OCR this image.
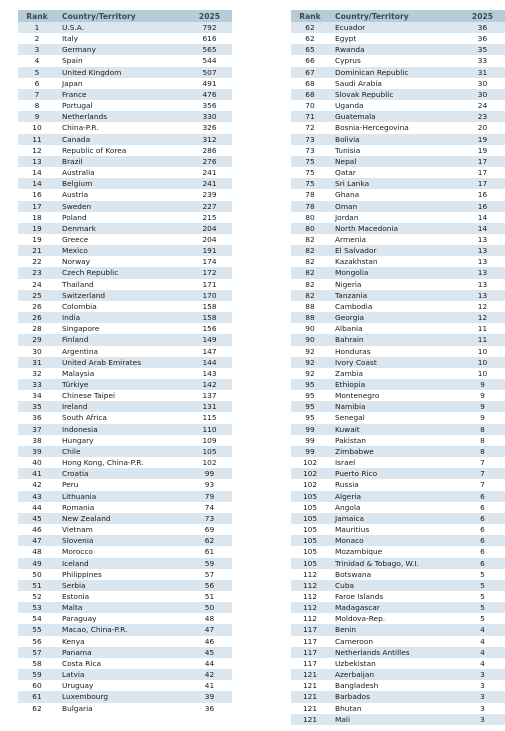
Rank	Country/Territory	2025
1	U.S.A.	792
2	Italy	616
3	Germany	565
4	Spain	544
5	United Kingdom	507
6	Japan	491
7	France	476
8	Portugal	356
9	Netherlands	330
10	China-P.R.	326
11	Canada	312
12	Republic of Korea	286
13	Brazil	276
14	Australia	241
14	Belgium	241
16	Austria	239
17	Sweden	227
18	Poland	215
19	Denmark	204
19	Greece	204
21	Mexico	191
22	Norway	174
23	Czech Republic	172
24	Thailand	171
25	Switzerland	170
26	Colombia	158
26	India	158
28	Singapore	156
29	Finland	149
30	Argentina	147
31	United Arab Emirates	144
32	Malaysia	143
33	Türkiye	142
34	Chinese Taipei	137
35	Ireland	131
36	South Africa	115
37	Indonesia	110
38	Hungary	109
39	Chile	105
40	Hong Kong, China-P.R.	102
41	Croatia	99
42	Peru	93
43	Lithuania	79
44	Romania	74
45	New Zealand	73
46	Vietnam	69
47	Slovenia	62
48	Morocco	61
49	Iceland	59
50	Philippines	57
51	Serbia	56
52	Estonia	51
53	Malta	50
54	Paraguay	48
55	Macao, China-P.R.	47
56	Kenya	46
57	Panama	45
58	Costa Rica	44
59	Latvia	42
60	Uruguay	41
61	Luxembourg	39
62	Bulgaria	36
Rank	Country/Territory	2025
62	Ecuador	36
62	Egypt	36
65	Rwanda	35
66	Cyprus	33
67	Dominican Republic	31
68	Saudi Arabia	30
68	Slovak Republic	30
70	Uganda	24
71	Guatemala	23
72	Bosnia-Hercegovina	20
73	Bolivia	19
73	Tunisia	19
75	Nepal	17
75	Qatar	17
75	Sri Lanka	17
78	Ghana	16
78	Oman	16
80	Jordan	14
80	North Macedonia	14
82	Armenia	13
82	El Salvador	13
82	Kazakhstan	13
82	Mongolia	13
82	Nigeria	13
82	Tanzania	13
88	Cambodia	12
88	Georgia	12
90	Albania	11
90	Bahrain	11
92	Honduras	10
92	Ivory Coast	10
92	Zambia	10
95	Ethiopia	9
95	Montenegro	9
95	Namibia	9
95	Senegal	9
99	Kuwait	8
99	Pakistan	8
99	Zimbabwe	8
102	Israel	7
102	Puerto Rico	7
102	Russia	7
105	Algeria	6
105	Angola	6
105	Jamaica	6
105	Mauritius	6
105	Monaco	6
105	Mozambique	6
105	Trinidad & Tobago, W.I.	6
112	Botswana	5
112	Cuba	5
112	Faroe Islands	5
112	Madagascar	5
112	Moldova-Rep.	5
117	Benin	4
117	Cameroon	4
117	Netherlands Antilles	4
117	Uzbekistan	4
121	Azerbaijan	3
121	Bangladesh	3
121	Barbados	3
121	Bhutan	3
121	Mali	3
